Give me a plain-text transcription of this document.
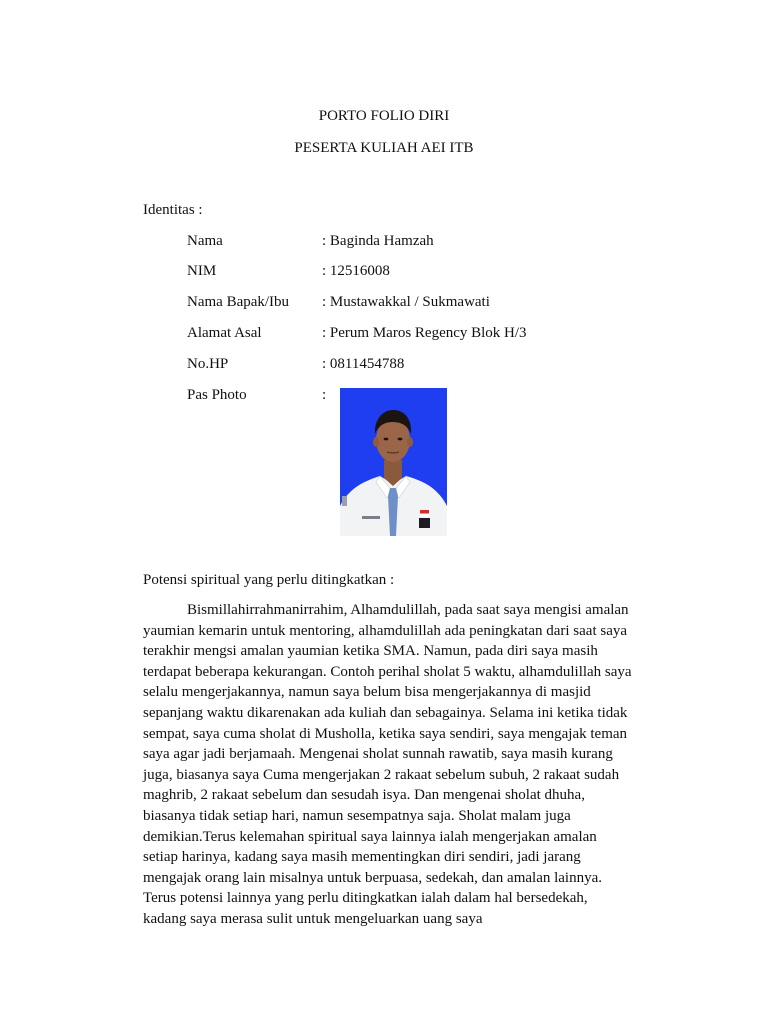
PORTO FOLIO DIRI
PESERTA KULIAH AEI ITB
Identitas :
Nama	: Baginda Hamzah
NIM	: 12516008
Nama Bapak/Ibu : Mustawakkal / Sukmawati
Alamat Asal	: Perum Maros Regency Blok H/3
No.HP	: 0811454788
Pas Photo	:
Potensi spiritual yang perlu ditingkatkan :

Bismillahirrahmanirrahim, Alhamdulillah, pada saat saya mengisi amalan yaumian kemarin untuk mentoring, alhamdulillah ada peningkatan dari saat saya terakhir mengsi amalan yaumian ketika SMA. Namun, pada diri saya masih terdapat beberapa kekurangan. Contoh perihal sholat 5 waktu, alhamdulillah saya selalu mengerjakannya, namun saya belum bisa mengerjakannya di masjid sepanjang waktu dikarenakan ada kuliah dan sebagainya. Selama ini ketika tidak sempat, saya cuma sholat di Musholla, ketika saya sendiri, saya mengajak teman saya agar jadi berjamaah. Mengenai sholat sunnah rawatib, saya masih kurang juga, biasanya saya Cuma mengerjakan 2 rakaat sebelum subuh, 2 rakaat sudah maghrib, 2 rakaat sebelum dan sesudah isya. Dan mengenai sholat dhuha, biasanya tidak setiap hari, namun sesempatnya saja. Sholat malam juga demikian.Terus kelemahan spiritual saya lainnya ialah mengerjakan amalan setiap harinya, kadang saya masih mementingkan diri sendiri, jadi jarang mengajak orang lain misalnya untuk berpuasa, sedekah, dan amalan lainnya. Terus potensi lainnya yang perlu ditingkatkan ialah dalam hal bersedekah, kadang saya merasa sulit untuk mengeluarkan uang saya
